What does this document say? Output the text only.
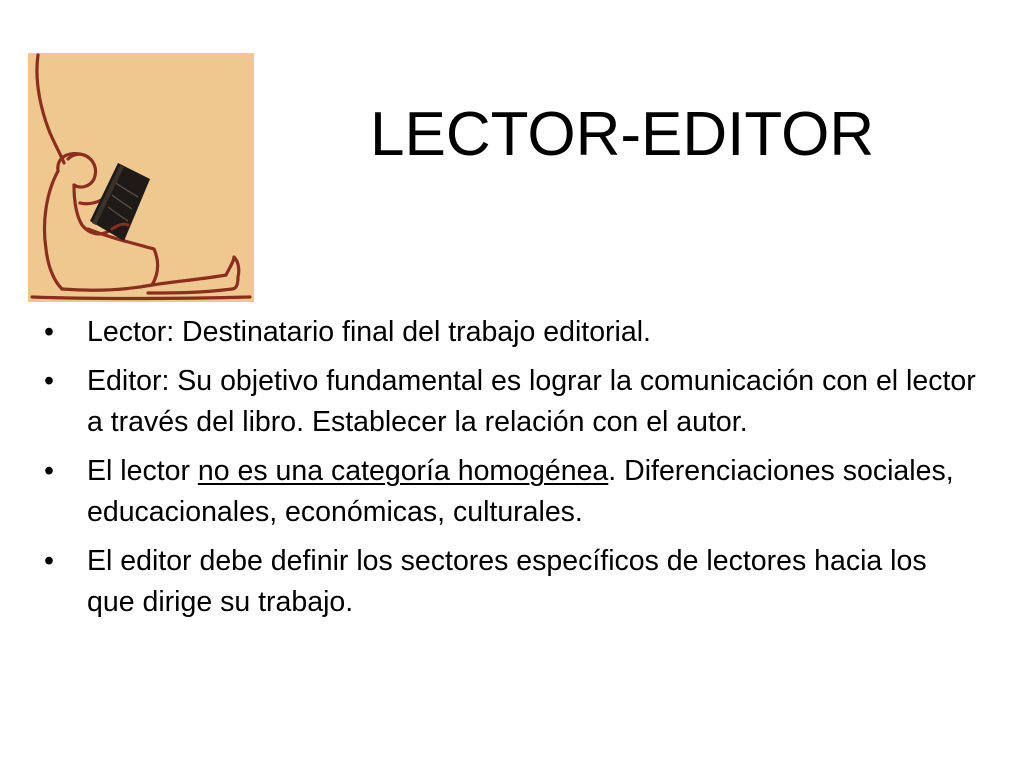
LECTOR-EDITOR
• Lector: Destinatario final del trabajo editorial.
• Editor: Su objetivo fundamental es lograr la comunicación con el lector a través del libro. Establecer la relación con el autor.
• El lector no es una categoría homogénea. Diferenciaciones sociales, educacionales, económicas, culturales.
• El editor debe definir los sectores específicos de lectores hacia los que dirige su trabajo.
